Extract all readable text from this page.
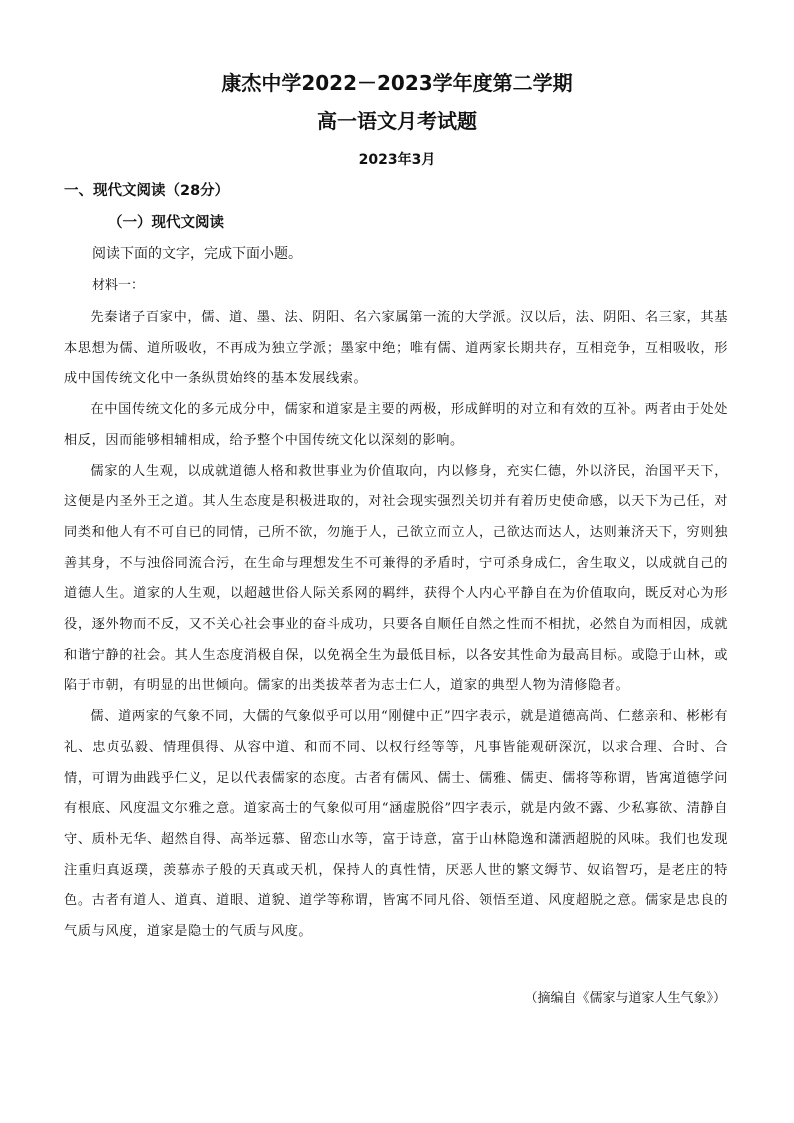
康杰中学2022－2023学年度第二学期
高一语文月考试题
2023年3月
一、现代文阅读（28分）
（一）现代文阅读
阅读下面的文字，完成下面小题。
材料一：

先秦诸子百家中，儒、道、墨、法、阴阳、名六家属第一流的大学派。汉以后，法、阴阳、名三家，其基本思想为儒、道所吸收，不再成为独立学派；墨家中绝；唯有儒、道两家长期共存，互相竞争，互相吸收，形成中国传统文化中一条纵贯始终的基本发展线索。

在中国传统文化的多元成分中，儒家和道家是主要的两极，形成鲜明的对立和有效的互补。两者由于处处相反，因而能够相辅相成，给予整个中国传统文化以深刻的影响。

儒家的人生观，以成就道德人格和救世事业为价值取向，内以修身，充实仁德，外以济民，治国平天下，这便是内圣外王之道。其人生态度是积极进取的，对社会现实强烈关切并有着历史使命感，以天下为己任，对同类和他人有不可自已的同情，己所不欲，勿施于人，己欲立而立人，己欲达而达人，达则兼济天下，穷则独善其身，不与浊俗同流合污，在生命与理想发生不可兼得的矛盾时，宁可杀身成仁，舍生取义，以成就自己的道德人生。道家的人生观，以超越世俗人际关系网的羁绊，获得个人内心平静自在为价值取向，既反对心为形役，逐外物而不反，又不关心社会事业的奋斗成功，只要各自顺任自然之性而不相扰，必然自为而相因，成就和谐宁静的社会。其人生态度消极自保，以免祸全生为最低目标，以各安其性命为最高目标。或隐于山林，或陷于市朝，有明显的出世倾向。儒家的出类拔萃者为志士仁人，道家的典型人物为清修隐者。

儒、道两家的气象不同，大儒的气象似乎可以用“刚健中正”四字表示，就是道德高尚、仁慈亲和、彬彬有礼、忠贞弘毅、情理俱得、从容中道、和而不同、以权行经等等，凡事皆能观研深沉，以求合理、合时、合情，可谓为曲践乎仁义，足以代表儒家的态度。古者有儒风、儒士、儒雅、儒吏、儒将等称谓，皆寓道德学问有根底、风度温文尔雅之意。道家高士的气象似可用“涵虚脱俗”四字表示，就是内敛不露、少私寡欲、清静自守、质朴无华、超然自得、高举远慕、留恋山水等，富于诗意，富于山林隐逸和潇洒超脱的风味。我们也发现注重归真返璞，羡慕赤子般的天真或天机，保持人的真性情，厌恶人世的繁文缛节、奴谄智巧，是老庄的特色。古者有道人、道真、道眼、道貌、道学等称谓，皆寓不同凡俗、领悟至道、风度超脱之意。儒家是忠良的气质与风度，道家是隐士的气质与风度。

（摘编自《儒家与道家人生气象》）
